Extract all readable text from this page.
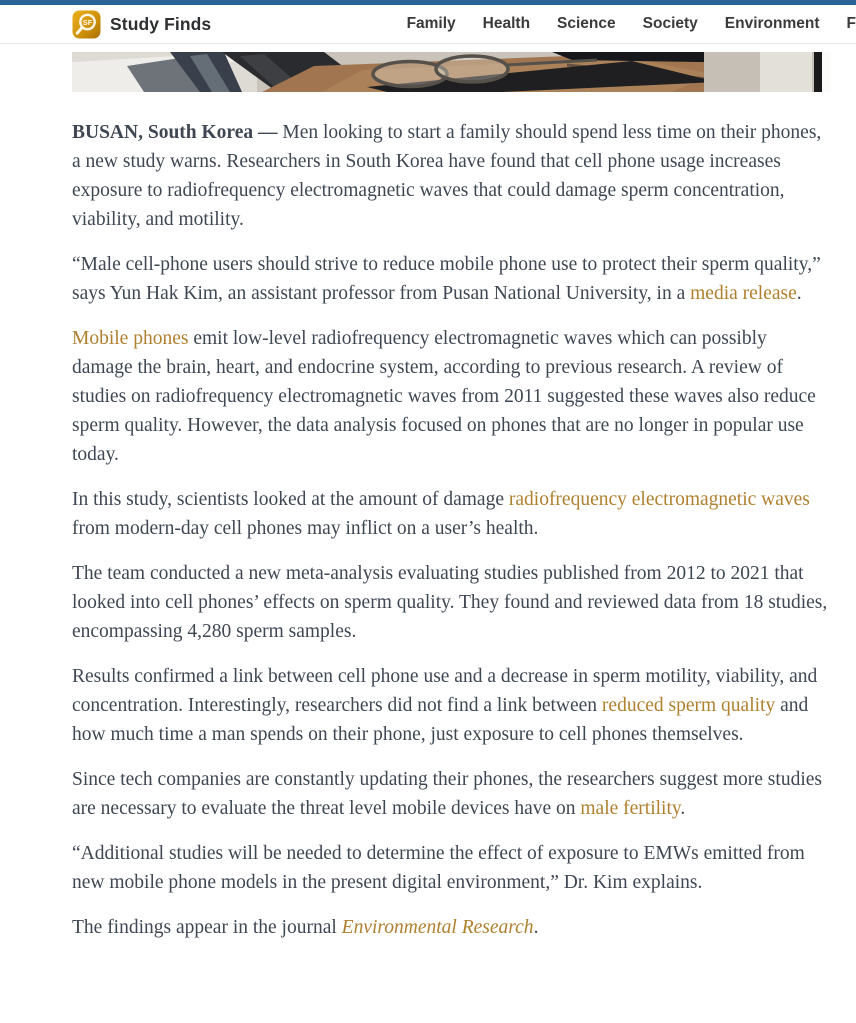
SF Study Finds	Family Health Science Society Environment F

BUSAN, South Korea — Men looking to start a family should spend less time on their phones, a new study warns. Researchers in South Korea have found that cell phone usage increases exposure to radiofrequency electromagnetic waves that could damage sperm concentration, viability, and motility.

“Male cell-phone users should strive to reduce mobile phone use to protect their sperm quality,” says Yun Hak Kim, an assistant professor from Pusan National University, in a media release.

Mobile phones emit low-level radiofrequency electromagnetic waves which can possibly damage the brain, heart, and endocrine system, according to previous research. A review of studies on radiofrequency electromagnetic waves from 2011 suggested these waves also reduce sperm quality. However, the data analysis focused on phones that are no longer in popular use today.

In this study, scientists looked at the amount of damage radiofrequency electromagnetic waves from modern-day cell phones may inflict on a user’s health.

The team conducted a new meta-analysis evaluating studies published from 2012 to 2021 that looked into cell phones’ effects on sperm quality. They found and reviewed data from 18 studies, encompassing 4,280 sperm samples.

Results confirmed a link between cell phone use and a decrease in sperm motility, viability, and concentration. Interestingly, researchers did not find a link between reduced sperm quality and how much time a man spends on their phone, just exposure to cell phones themselves.

Since tech companies are constantly updating their phones, the researchers suggest more studies are necessary to evaluate the threat level mobile devices have on male fertility.

“Additional studies will be needed to determine the effect of exposure to EMWs emitted from new mobile phone models in the present digital environment,” Dr. Kim explains.

The findings appear in the journal Environmental Research.
